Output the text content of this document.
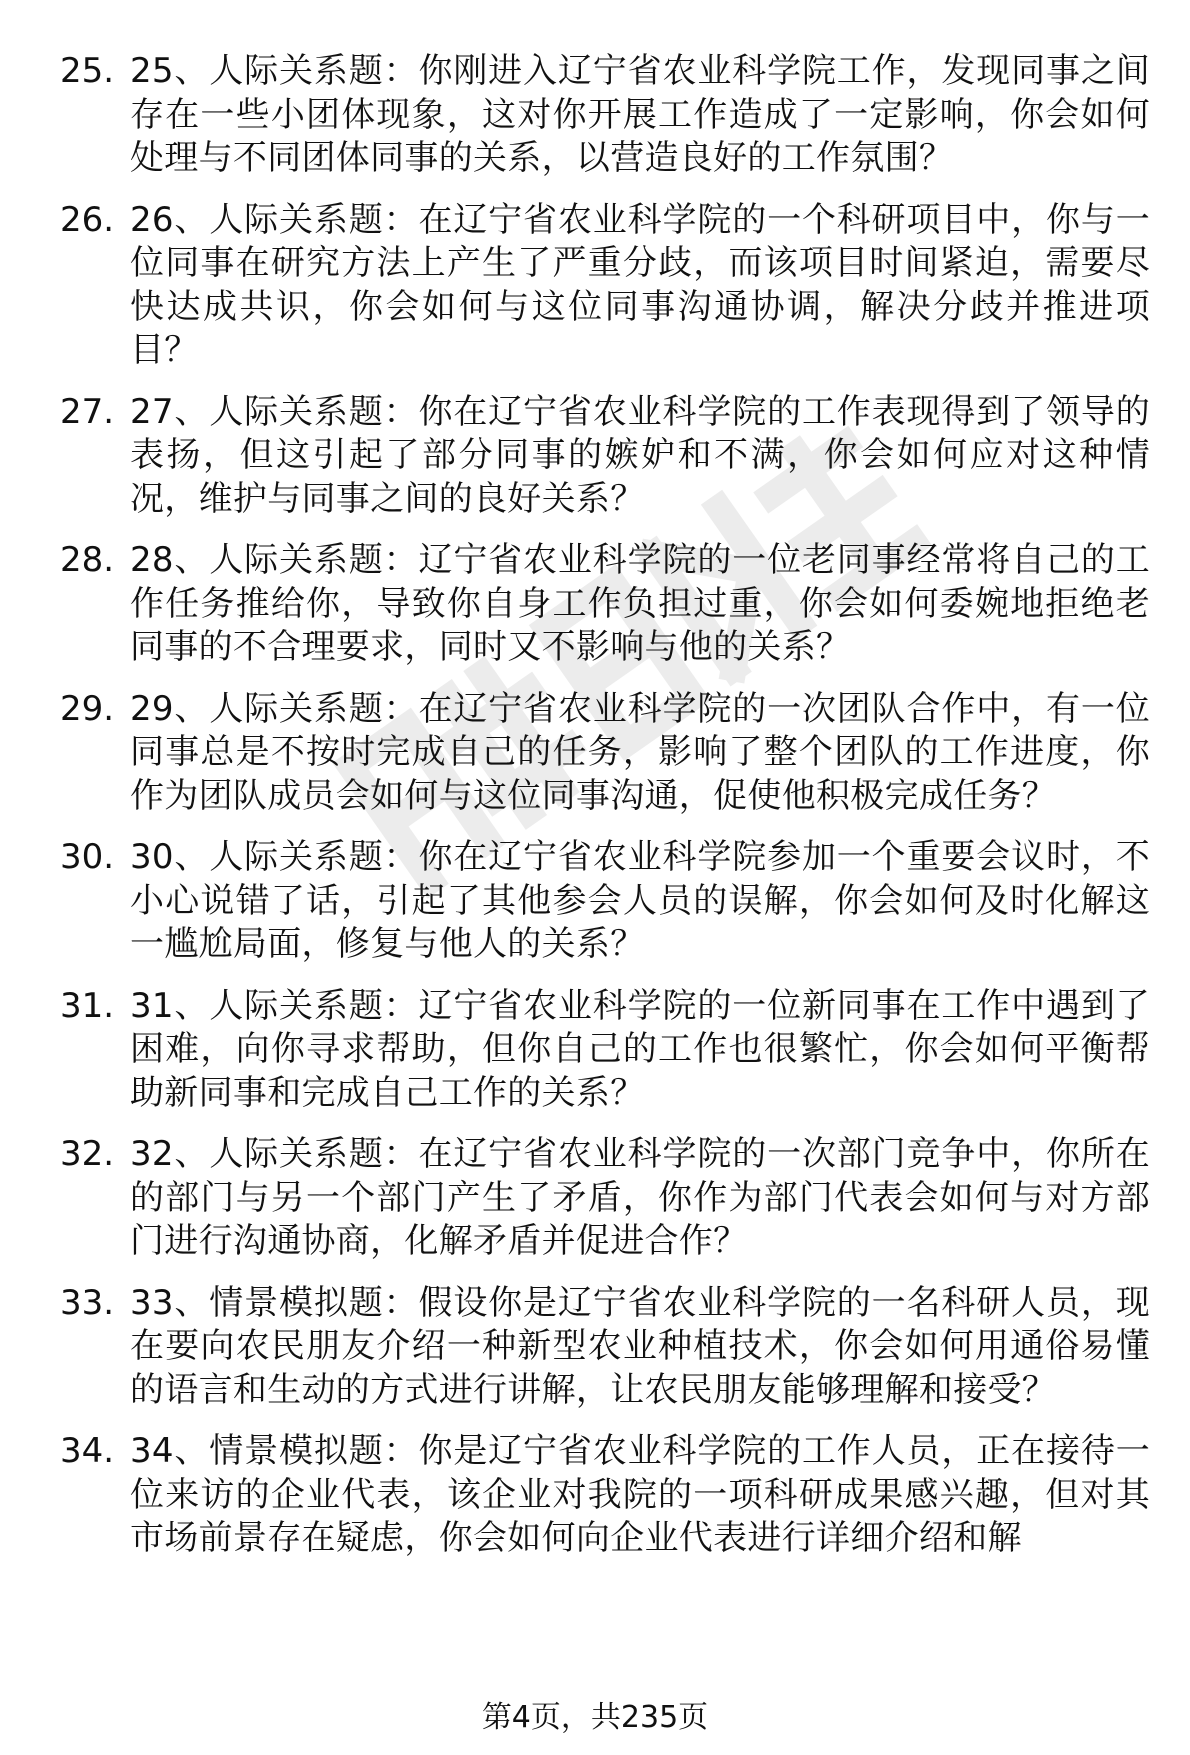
25. 25、人际关系题：你刚进入辽宁省农业科学院工作，发现同事之间存在一些小团体现象，这对你开展工作造成了一定影响，你会如何处理与不同团体同事的关系，以营造良好的工作氛围？
26. 26、人际关系题：在辽宁省农业科学院的一个科研项目中，你与一位同事在研究方法上产生了严重分歧，而该项目时间紧迫，需要尽快达成共识，你会如何与这位同事沟通协调，解决分歧并推进项目？
27. 27、人际关系题：你在辽宁省农业科学院的工作表现得到了领导的表扬，但这引起了部分同事的嫉妒和不满，你会如何应对这种情况，维护与同事之间的良好关系？
28. 28、人际关系题：辽宁省农业科学院的一位老同事经常将自己的工作任务推给你，导致你自身工作负担过重，你会如何委婉地拒绝老同事的不合理要求，同时又不影响与他的关系？
29. 29、人际关系题：在辽宁省农业科学院的一次团队合作中，有一位同事总是不按时完成自己的任务，影响了整个团队的工作进度，你作为团队成员会如何与这位同事沟通，促使他积极完成任务？
30. 30、人际关系题：你在辽宁省农业科学院参加一个重要会议时，不小心说错了话，引起了其他参会人员的误解，你会如何及时化解这一尴尬局面，修复与他人的关系？
31. 31、人际关系题：辽宁省农业科学院的一位新同事在工作中遇到了困难，向你寻求帮助，但你自己的工作也很繁忙，你会如何平衡帮助新同事和完成自己工作的关系？
32. 32、人际关系题：在辽宁省农业科学院的一次部门竞争中，你所在的部门与另一个部门产生了矛盾，你作为部门代表会如何与对方部门进行沟通协商，化解矛盾并促进合作？
33. 33、情景模拟题：假设你是辽宁省农业科学院的一名科研人员，现在要向农民朋友介绍一种新型农业种植技术，你会如何用通俗易懂的语言和生动的方式进行讲解，让农民朋友能够理解和接受？
34. 34、情景模拟题：你是辽宁省农业科学院的工作人员，正在接待一位来访的企业代表，该企业对我院的一项科研成果感兴趣，但对其市场前景存在疑虑，你会如何向企业代表进行详细介绍和解
第4页，共235页
